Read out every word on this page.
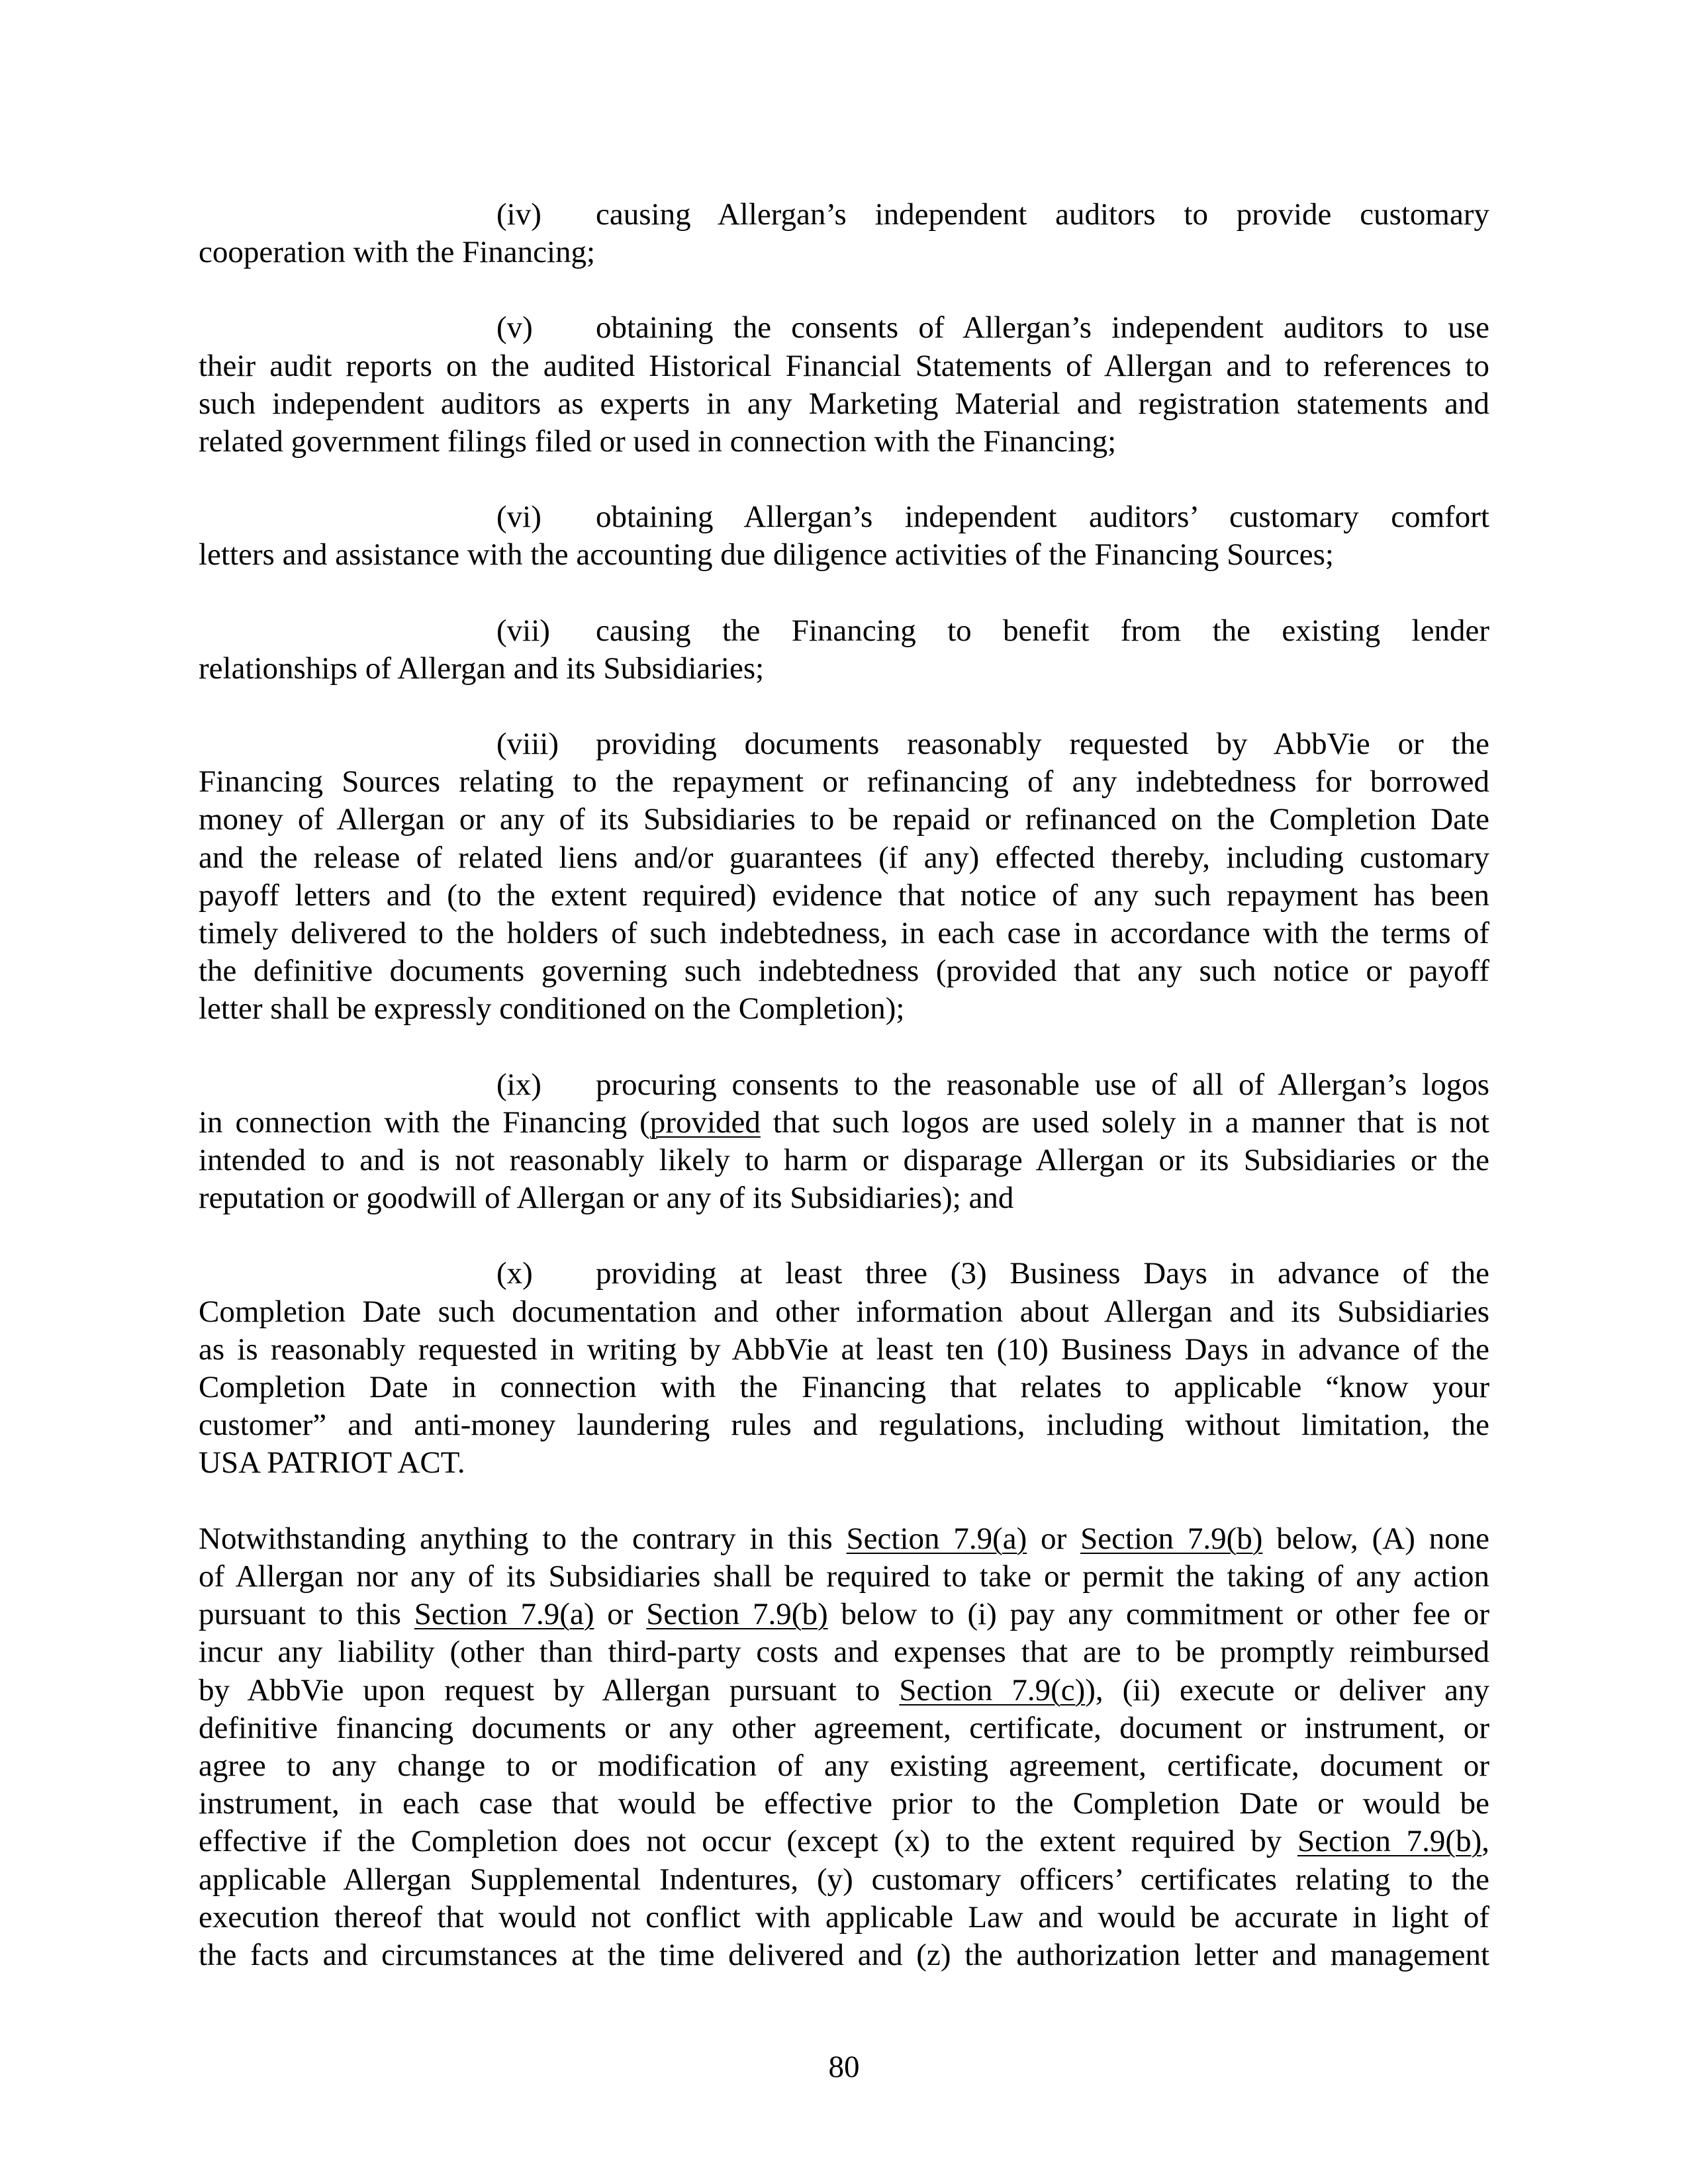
(iv) causing Allergan’s independent auditors to provide customary
cooperation with the Financing;
(v) obtaining the consents of Allergan’s independent auditors to use
their audit reports on the audited Historical Financial Statements of Allergan and to references to
such independent auditors as experts in any Marketing Material and registration statements and
related government filings filed or used in connection with the Financing;
(vi) obtaining Allergan’s independent auditors’ customary comfort
letters and assistance with the accounting due diligence activities of the Financing Sources;
(vii) causing the Financing to benefit from the existing lender
relationships of Allergan and its Subsidiaries;
(viii) providing documents reasonably requested by AbbVie or the
Financing Sources relating to the repayment or refinancing of any indebtedness for borrowed
money of Allergan or any of its Subsidiaries to be repaid or refinanced on the Completion Date
and the release of related liens and/or guarantees (if any) effected thereby, including customary
payoff letters and (to the extent required) evidence that notice of any such repayment has been
timely delivered to the holders of such indebtedness, in each case in accordance with the terms of
the definitive documents governing such indebtedness (provided that any such notice or payoff
letter shall be expressly conditioned on the Completion);
(ix) procuring consents to the reasonable use of all of Allergan’s logos
in connection with the Financing (provided that such logos are used solely in a manner that is not
intended to and is not reasonably likely to harm or disparage Allergan or its Subsidiaries or the
reputation or goodwill of Allergan or any of its Subsidiaries); and
(x) providing at least three (3) Business Days in advance of the
Completion Date such documentation and other information about Allergan and its Subsidiaries
as is reasonably requested in writing by AbbVie at least ten (10) Business Days in advance of the
Completion Date in connection with the Financing that relates to applicable “know your
customer” and anti-money laundering rules and regulations, including without limitation, the
USA PATRIOT ACT.
Notwithstanding anything to the contrary in this Section 7.9(a) or Section 7.9(b) below, (A) none
of Allergan nor any of its Subsidiaries shall be required to take or permit the taking of any action
pursuant to this Section 7.9(a) or Section 7.9(b) below to (i) pay any commitment or other fee or
incur any liability (other than third-party costs and expenses that are to be promptly reimbursed
by AbbVie upon request by Allergan pursuant to Section 7.9(c)), (ii) execute or deliver any
definitive financing documents or any other agreement, certificate, document or instrument, or
agree to any change to or modification of any existing agreement, certificate, document or
instrument, in each case that would be effective prior to the Completion Date or would be
effective if the Completion does not occur (except (x) to the extent required by Section 7.9(b),
applicable Allergan Supplemental Indentures, (y) customary officers’ certificates relating to the
execution thereof that would not conflict with applicable Law and would be accurate in light of
the facts and circumstances at the time delivered and (z) the authorization letter and management
80
